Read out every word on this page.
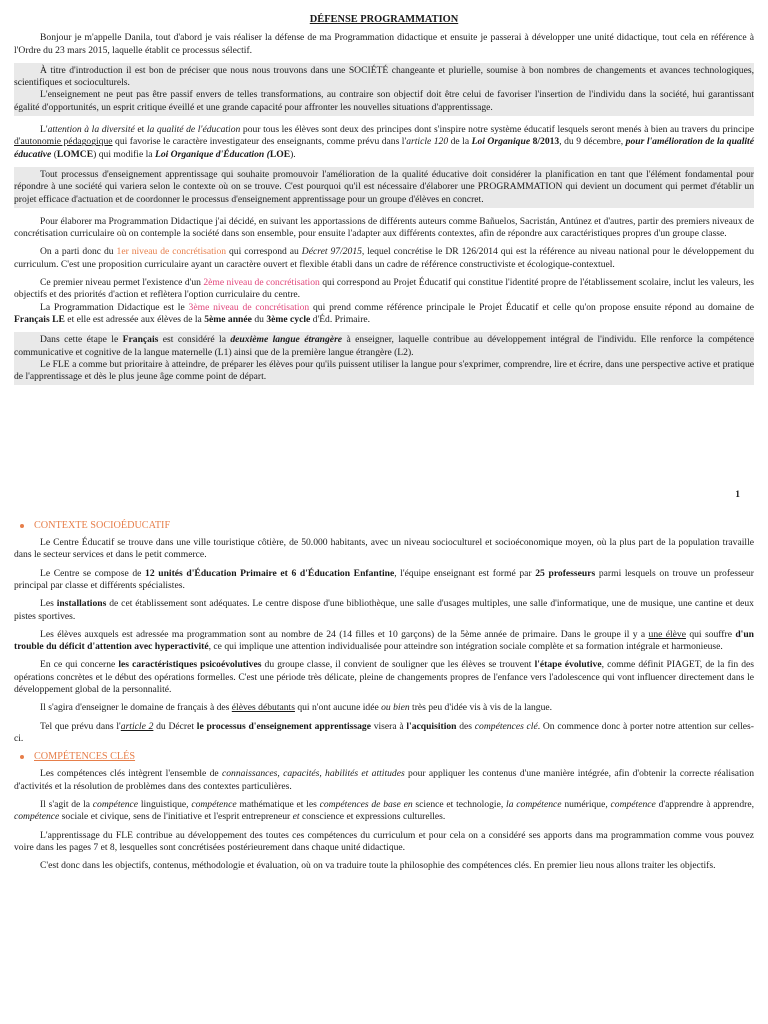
DÉFENSE PROGRAMMATION

Bonjour je m'appelle Danila, tout d'abord je vais réaliser la défense de ma Programmation didactique et ensuite je passerai à développer une unité didactique, tout cela en référence à l'Ordre du 23 mars 2015, laquelle établit ce processus sélectif.

À titre d'introduction il est bon de préciser que nous nous trouvons dans une SOCIÉTÉ changeante et plurielle, soumise à bon nombres de changements et avances technologiques, scientifiques et socioculturels.

L'enseignement ne peut pas être passif envers de telles transformations, au contraire son objectif doit être celui de favoriser l'insertion de l'individu dans la société, hui garantissant égalité d'opportunités, un esprit critique éveillé et une grande capacité pour affronter les nouvelles situations d'apprentissage.

L'attention à la diversité et la qualité de l'éducation pour tous les élèves sont deux des principes dont s'inspire notre système éducatif lesquels seront menés à bien au travers du principe d'autonomie pédagogique qui favorise le caractère investigateur des enseignants, comme prévu dans l'article 120 de la Loi Organique 8/2013, du 9 décembre, pour l'amélioration de la qualité éducative (LOMCE) qui modifie la Loi Organique d'Éducation (LOE).

Tout processus d'enseignement apprentissage qui souhaite promouvoir l'amélioration de la qualité éducative doit considérer la planification en tant que l'élément fondamental pour répondre à une société qui variera selon le contexte où on se trouve. C'est pourquoi qu'il est nécessaire d'élaborer une PROGRAMMATION qui devient un document qui permet d'établir un projet efficace d'actuation et de coordonner le processus d'enseignement apprentissage pour un groupe d'élèves en concret.

Pour élaborer ma Programmation Didactique j'ai décidé, en suivant les apportassions de différents auteurs comme Bañuelos, Sacristán, Antúnez et d'autres, partir des premiers niveaux de concrétisation curriculaire où on contemple la société dans son ensemble, pour ensuite l'adapter aux différents contextes, afin de répondre aux caractéristiques propres d'un groupe classe.

On a parti donc du 1er niveau de concrétisation qui correspond au Décret 97/2015, lequel concrétise le DR 126/2014 qui est la référence au niveau national pour le développement du curriculum. C'est une proposition curriculaire ayant un caractère ouvert et flexible établi dans un cadre de référence constructiviste et écologique-contextuel.

Ce premier niveau permet l'existence d'un 2ème niveau de concrétisation qui correspond au Projet Éducatif qui constitue l'identité propre de l'établissement scolaire, inclut les valeurs, les objectifs et des priorités d'action et reflètera l'option curriculaire du centre.

La Programmation Didactique est le 3ème niveau de concrétisation qui prend comme référence principale le Projet Éducatif et celle qu'on propose ensuite répond au domaine de Français LE et elle est adressée aux élèves de la 5ème année du 3ème cycle d'Éd. Primaire.

Dans cette étape le Français est considéré la deuxième langue étrangère à enseigner, laquelle contribue au développement intégral de l'individu. Elle renforce la compétence communicative et cognitive de la langue maternelle (L1) ainsi que de la première langue étrangère (L2).

Le FLE a comme but prioritaire à atteindre, de préparer les élèves pour qu'ils puissent utiliser la langue pour s'exprimer, comprendre, lire et écrire, dans une perspective active et pratique de l'apprentissage et dès le plus jeune âge comme point de départ.

1
CONTEXTE SOCIOÉDUCATIF

Le Centre Éducatif se trouve dans une ville touristique côtière, de 50.000 habitants, avec un niveau socioculturel et socioéconomique moyen, où la plus part de la population travaille dans le secteur services et dans le petit commerce.

Le Centre se compose de 12 unités d'Éducation Primaire et 6 d'Éducation Enfantine, l'équipe enseignant est formé par 25 professeurs parmi lesquels on trouve un professeur principal par classe et différents spécialistes.

Les installations de cet établissement sont adéquates. Le centre dispose d'une bibliothèque, une salle d'usages multiples, une salle d'informatique, une de musique, une cantine et deux pistes sportives.

Les élèves auxquels est adressée ma programmation sont au nombre de 24 (14 filles et 10 garçons) de la 5ème année de primaire. Dans le groupe il y a une élève qui souffre d'un trouble du déficit d'attention avec hyperactivité, ce qui implique une attention individualisée pour atteindre son intégration sociale complète et sa formation intégrale et harmonieuse.

En ce qui concerne les caractéristiques psicoévolutives du groupe classe, il convient de souligner que les élèves se trouvent l'étape évolutive, comme définit PIAGET, de la fin des opérations concrètes et le début des opérations formelles. C'est une période très délicate, pleine de changements propres de l'enfance vers l'adolescence qui vont influencer directement dans le développement global de la personnalité.

Il s'agira d'enseigner le domaine de français à des élèves débutants qui n'ont aucune idée ou bien très peu d'idée vis à vis de la langue.

Tel que prévu dans l'article 2 du Décret le processus d'enseignement apprentissage visera à l'acquisition des compétences clé. On commence donc à porter notre attention sur celles-ci.

COMPÉTENCES CLÉS

Les compétences clés intègrent l'ensemble de connaissances, capacités, habilités et attitudes pour appliquer les contenus d'une manière intégrée, afin d'obtenir la correcte réalisation d'activités et la résolution de problèmes dans des contextes particulières.

Il s'agit de la compétence linguistique, compétence mathématique et les compétences de base en science et technologie, la compétence numérique, compétence d'apprendre à apprendre, compétence sociale et civique, sens de l'initiative et l'esprit entrepreneur et conscience et expressions culturelles.

L'apprentissage du FLE contribue au développement des toutes ces compétences du curriculum et pour cela on a considéré ses apports dans ma programmation comme vous pouvez voire dans les pages 7 et 8, lesquelles sont concrétisées postérieurement dans chaque unité didactique.

C'est donc dans les objectifs, contenus, méthodologie et évaluation, où on va traduire toute la philosophie des compétences clés. En premier lieu nous allons traiter les objectifs.
